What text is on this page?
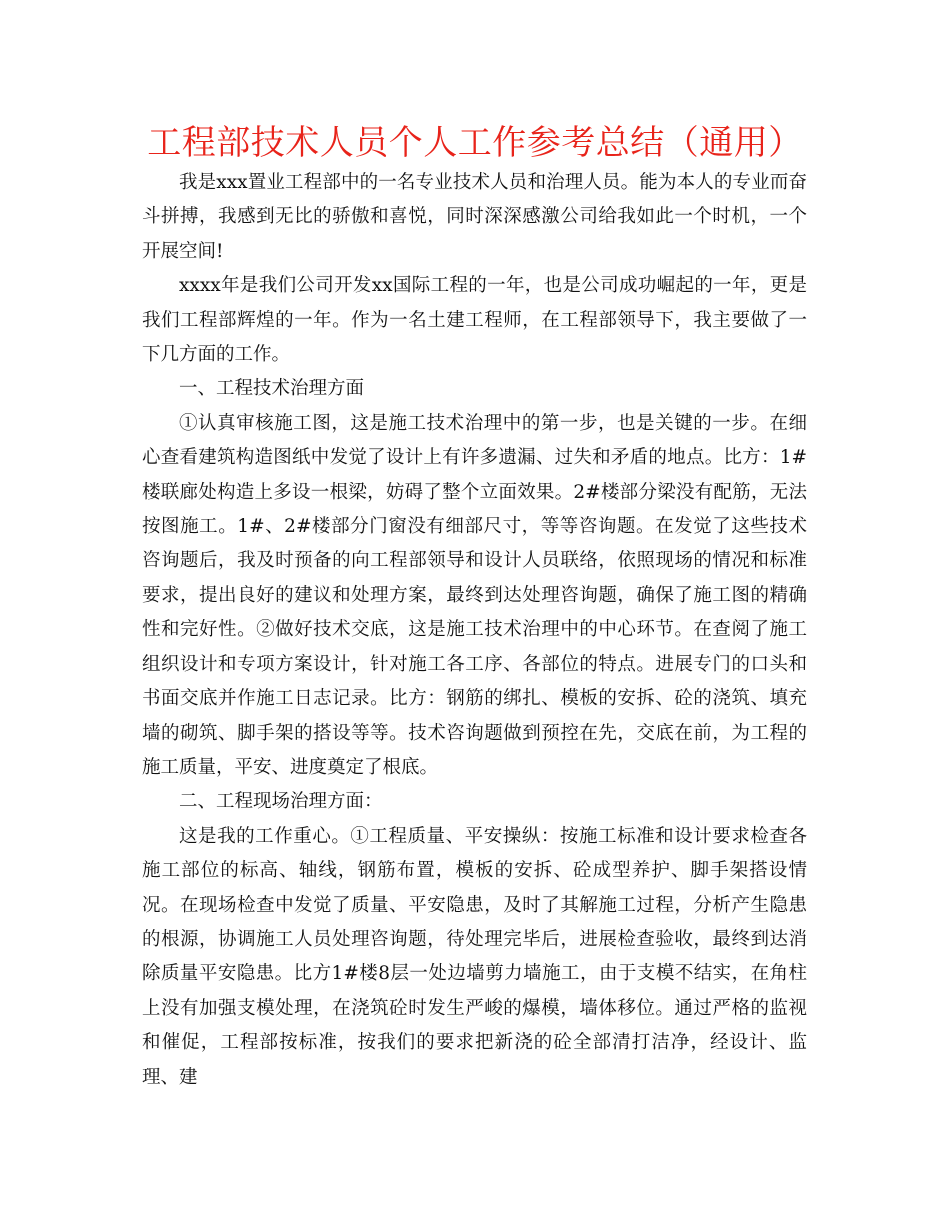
工程部技术人员个人工作参考总结（通用）

我是xxx置业工程部中的一名专业技术人员和治理人员。能为本人的专业而奋斗拼搏，我感到无比的骄傲和喜悦，同时深深感激公司给我如此一个时机，一个开展空间!

xxxx年是我们公司开发xx国际工程的一年，也是公司成功崛起的一年，更是我们工程部辉煌的一年。作为一名土建工程师，在工程部领导下，我主要做了一下几方面的工作。

一、工程技术治理方面

①认真审核施工图，这是施工技术治理中的第一步，也是关键的一步。在细心查看建筑构造图纸中发觉了设计上有许多遗漏、过失和矛盾的地点。比方：1#楼联廊处构造上多设一根梁，妨碍了整个立面效果。2#楼部分梁没有配筋，无法按图施工。1#、2#楼部分门窗没有细部尺寸，等等咨询题。在发觉了这些技术咨询题后，我及时预备的向工程部领导和设计人员联络，依照现场的情况和标准要求，提出良好的建议和处理方案，最终到达处理咨询题，确保了施工图的精确性和完好性。②做好技术交底，这是施工技术治理中的中心环节。在查阅了施工组织设计和专项方案设计，针对施工各工序、各部位的特点。进展专门的口头和书面交底并作施工日志记录。比方：钢筋的绑扎、模板的安拆、砼的浇筑、填充墙的砌筑、脚手架的搭设等等。技术咨询题做到预控在先，交底在前，为工程的施工质量，平安、进度奠定了根底。

二、工程现场治理方面：

这是我的工作重心。①工程质量、平安操纵：按施工标准和设计要求检查各施工部位的标高、轴线，钢筋布置，模板的安拆、砼成型养护、脚手架搭设情况。在现场检查中发觉了质量、平安隐患，及时了其解施工过程，分析产生隐患的根源，协调施工人员处理咨询题，待处理完毕后，进展检查验收，最终到达消除质量平安隐患。比方1#楼8层一处边墙剪力墙施工，由于支模不结实，在角柱上没有加强支模处理，在浇筑砼时发生严峻的爆模，墙体移位。通过严格的监视和催促，工程部按标准，按我们的要求把新浇的砼全部清打洁净，经设计、监理、建
